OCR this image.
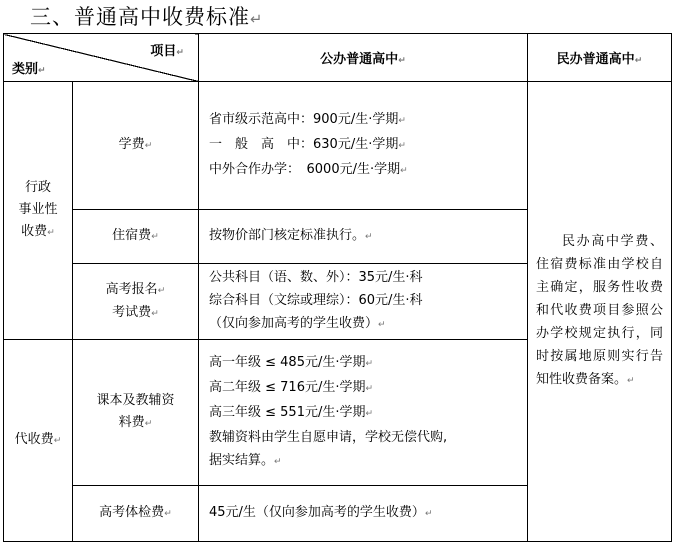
三、普通高中收费标准↵
项目↵
类别↵		公办普通高中↵	民办普通高中↵

行政
事业性
收费↵	学费↵	省市级示范高中：900元/生·学期↵
一　般　高　中：630元/生·学期↵
中外合作办学：　6000元/生·学期↵	民办高中学费、住宿费标准由学校自主确定，服务性收费和代收费项目参照公办学校规定执行，同时按属地原则实行告知性收费备案。↵
	住宿费↵	按物价部门核定标准执行。↵	

	高考报名↵
考试费↵	公共科目（语、数、外）：35元/生·科
综合科目（文综或理综）：60元/生·科
（仅向参加高考的学生收费）↵	

代收费↵	课本及教辅资
料费↵	高一年级 ≤ 485元/生·学期↵
高二年级 ≤ 716元/生·学期↵
高三年级 ≤ 551元/生·学期↵
教辅资料由学生自愿申请，学校无偿代购,
据实结算。↵	

	高考体检费↵	45元/生（仅向参加高考的学生收费）↵	
